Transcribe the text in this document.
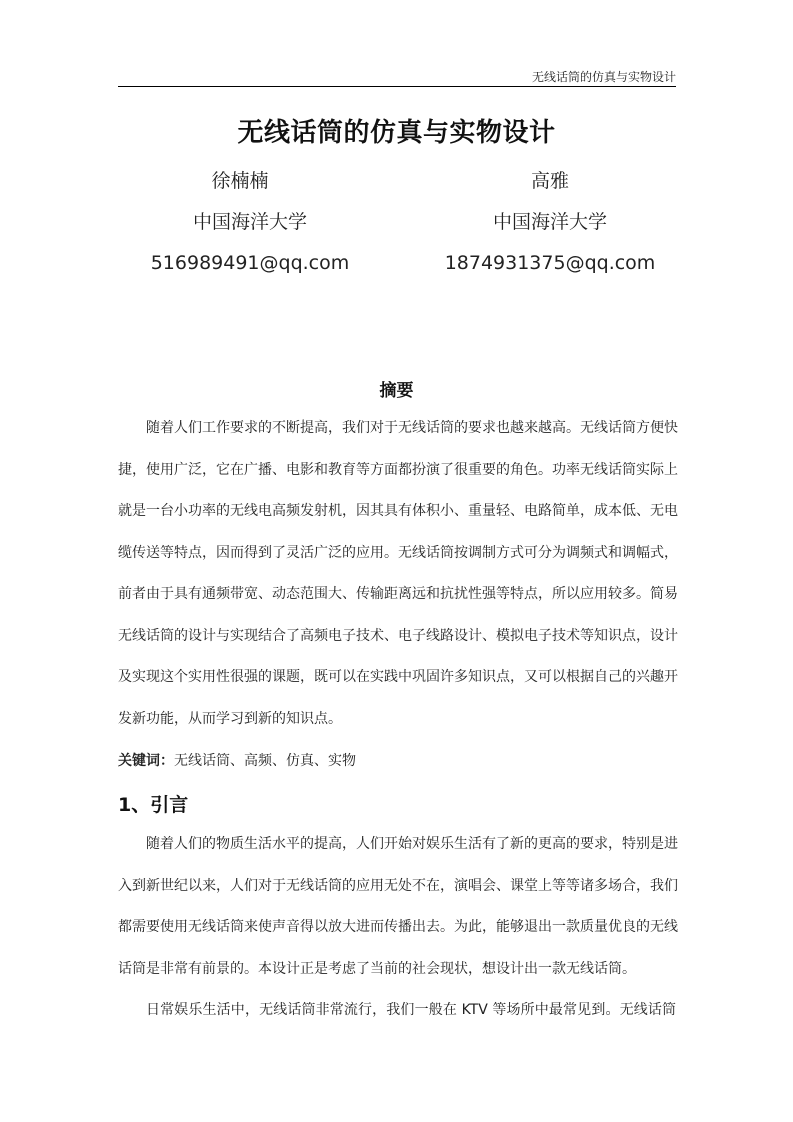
无线话筒的仿真与实物设计
无线话筒的仿真与实物设计
徐楠楠
中国海洋大学
516989491@qq.com
高雅
中国海洋大学
1874931375@qq.com
摘要
随着人们工作要求的不断提高，我们对于无线话筒的要求也越来越高。无线话筒方便快
捷，使用广泛，它在广播、电影和教育等方面都扮演了很重要的角色。功率无线话筒实际上
就是一台小功率的无线电高频发射机，因其具有体积小、重量轻、电路简单，成本低、无电
缆传送等特点，因而得到了灵活广泛的应用。无线话筒按调制方式可分为调频式和调幅式，
前者由于具有通频带宽、动态范围大、传输距离远和抗扰性强等特点，所以应用较多。简易
无线话筒的设计与实现结合了高频电子技术、电子线路设计、模拟电子技术等知识点，设计
及实现这个实用性很强的课题，既可以在实践中巩固许多知识点，又可以根据自己的兴趣开
发新功能，从而学习到新的知识点。
关键词：无线话筒、高频、仿真、实物
1、引言
随着人们的物质生活水平的提高，人们开始对娱乐生活有了新的更高的要求，特别是进
入到新世纪以来，人们对于无线话筒的应用无处不在，演唱会、课堂上等等诸多场合，我们
都需要使用无线话筒来使声音得以放大进而传播出去。为此，能够退出一款质量优良的无线
话筒是非常有前景的。本设计正是考虑了当前的社会现状，想设计出一款无线话筒。
日常娱乐生活中，无线话筒非常流行，我们一般在 KTV 等场所中最常见到。无线话筒
